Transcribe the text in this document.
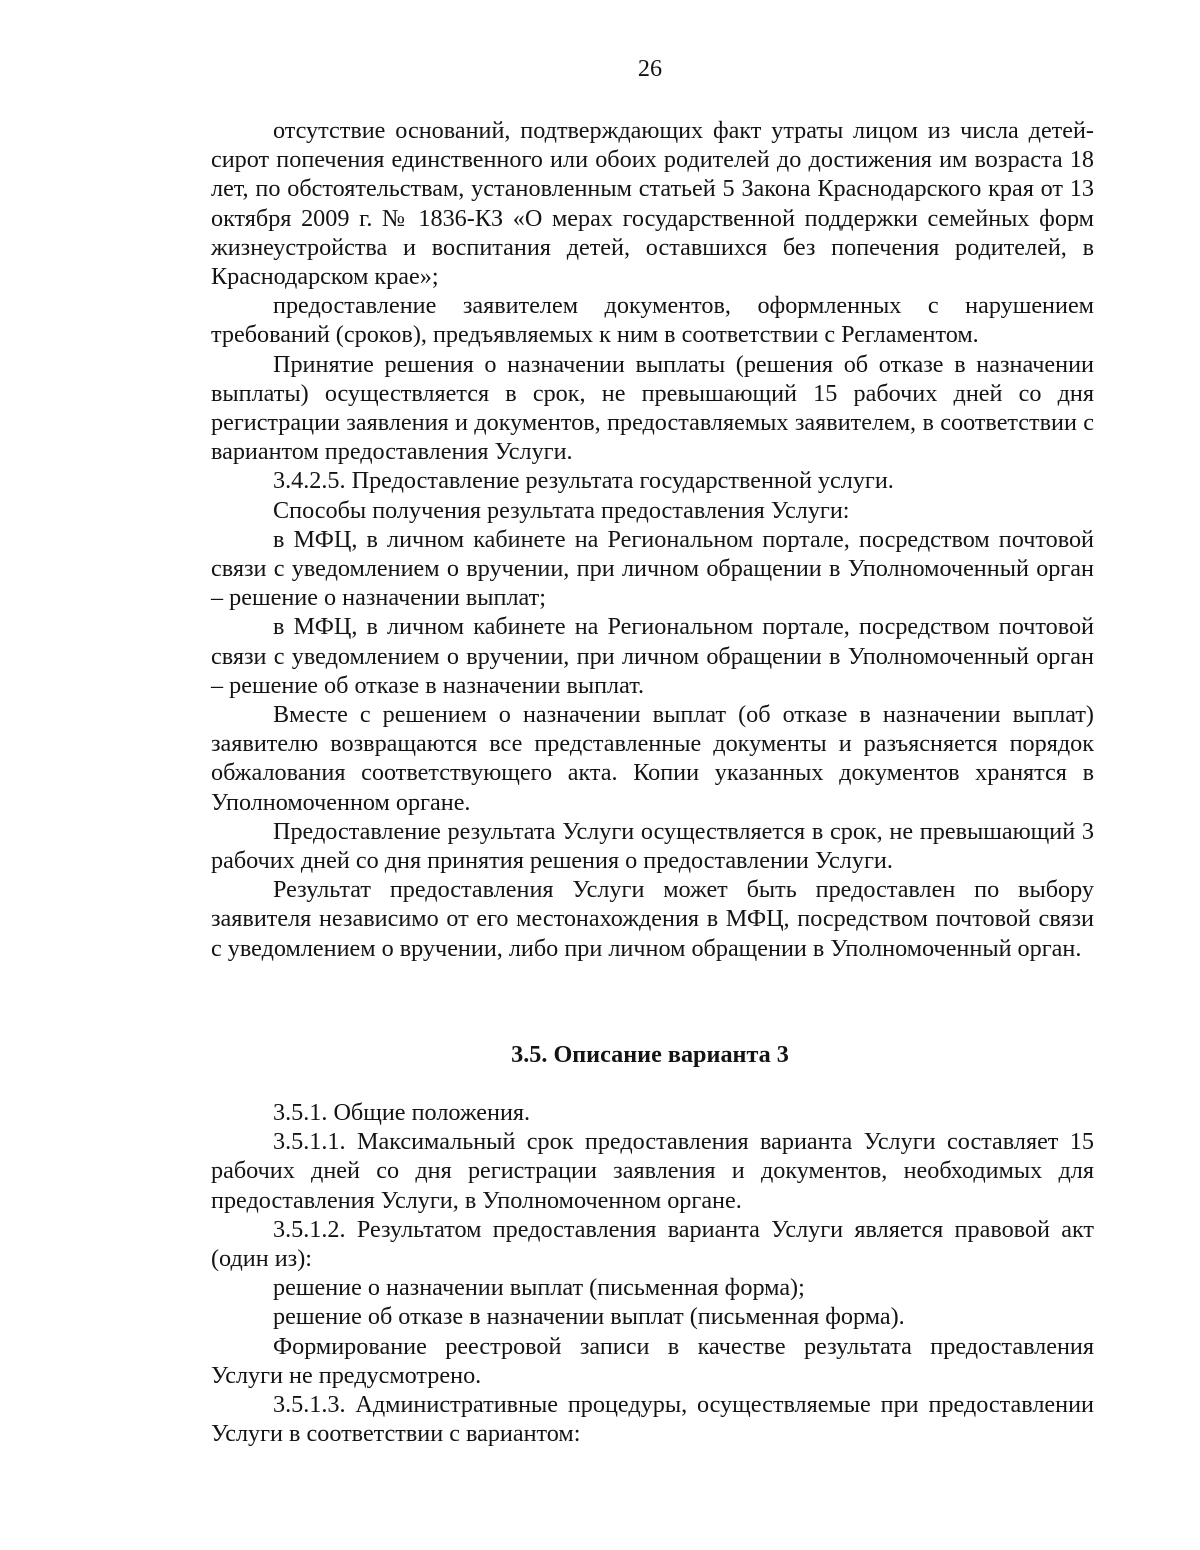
26

отсутствие оснований, подтверждающих факт утраты лицом из числа детей-сирот попечения единственного или обоих родителей до достижения им возраста 18 лет, по обстоятельствам, установленным статьей 5 Закона Краснодарского края от 13 октября 2009 г. № 1836-КЗ «О мерах государственной поддержки семейных форм жизнеустройства и воспитания детей, оставшихся без попечения родителей, в Краснодарском крае»;

предоставление заявителем документов, оформленных с нарушением требований (сроков), предъявляемых к ним в соответствии с Регламентом.

Принятие решения о назначении выплаты (решения об отказе в назначении выплаты) осуществляется в срок, не превышающий 15 рабочих дней со дня регистрации заявления и документов, предоставляемых заявителем, в соответствии с вариантом предоставления Услуги.

3.4.2.5. Предоставление результата государственной услуги.

Способы получения результата предоставления Услуги:

в МФЦ, в личном кабинете на Региональном портале, посредством почтовой связи с уведомлением о вручении, при личном обращении в Уполномоченный орган – решение о назначении выплат;

в МФЦ, в личном кабинете на Региональном портале, посредством почтовой связи с уведомлением о вручении, при личном обращении в Уполномоченный орган – решение об отказе в назначении выплат.

Вместе с решением о назначении выплат (об отказе в назначении выплат) заявителю возвращаются все представленные документы и разъясняется порядок обжалования соответствующего акта. Копии указанных документов хранятся в Уполномоченном органе.

Предоставление результата Услуги осуществляется в срок, не превышающий 3 рабочих дней со дня принятия решения о предоставлении Услуги.

Результат предоставления Услуги может быть предоставлен по выбору заявителя независимо от его местонахождения в МФЦ, посредством почтовой связи с уведомлением о вручении, либо при личном обращении в Уполномоченный орган.

3.5. Описание варианта 3

3.5.1. Общие положения.

3.5.1.1. Максимальный срок предоставления варианта Услуги составляет 15 рабочих дней со дня регистрации заявления и документов, необходимых для предоставления Услуги, в Уполномоченном органе.

3.5.1.2. Результатом предоставления варианта Услуги является правовой акт (один из):

решение о назначении выплат (письменная форма);

решение об отказе в назначении выплат (письменная форма).

Формирование реестровой записи в качестве результата предоставления Услуги не предусмотрено.

3.5.1.3. Административные процедуры, осуществляемые при предоставлении Услуги в соответствии с вариантом:
